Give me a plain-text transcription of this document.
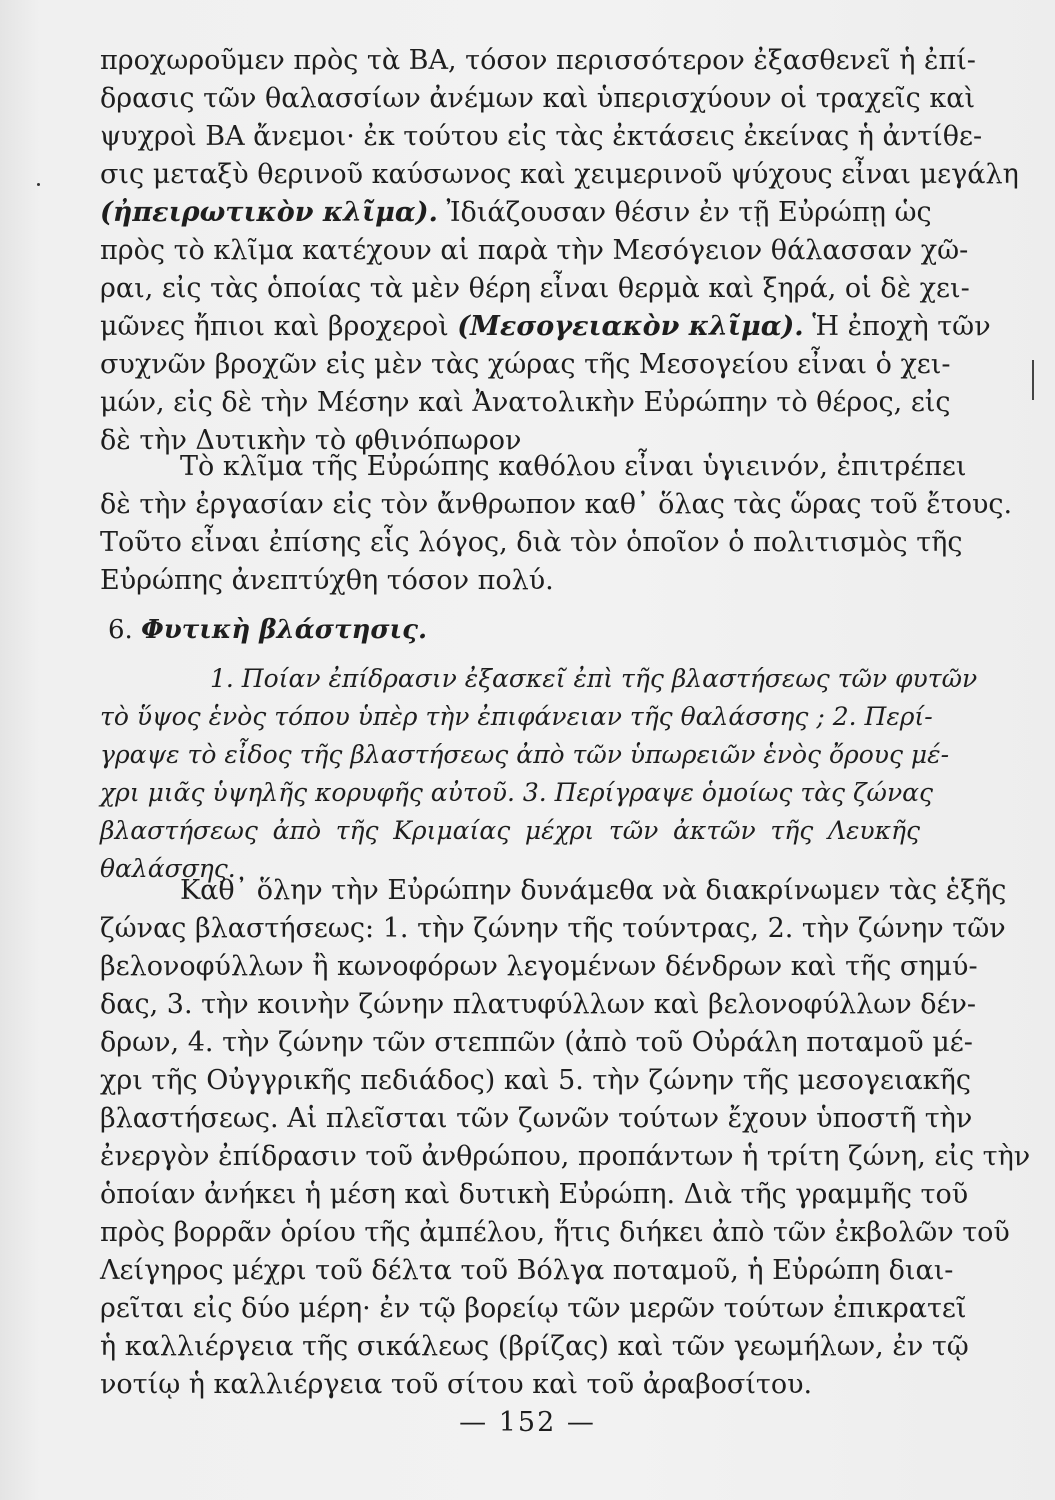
προχωροῦμεν πρὸς τὰ ΒΑ, τόσον περισσότερον ἐξασθενεῖ ἡ ἐπί-
δρασις τῶν θαλασσίων ἀνέμων καὶ ὑπερισχύουν οἱ τραχεῖς καὶ
ψυχροὶ ΒΑ ἄνεμοι· ἐκ τούτου εἰς τὰς ἐκτάσεις ἐκείνας ἡ ἀντίθε-
σις μεταξὺ θερινοῦ καύσωνος καὶ χειμερινοῦ ψύχους εἶναι μεγάλη
(ἠπειρωτικὸν κλῖμα). Ἰδιάζουσαν θέσιν ἐν τῇ Εὐρώπῃ ὡς
πρὸς τὸ κλῖμα κατέχουν αἱ παρὰ τὴν Μεσόγειον θάλασσαν χῶ-
ραι, εἰς τὰς ὁποίας τὰ μὲν θέρη εἶναι θερμὰ καὶ ξηρά, οἱ δὲ χει-
μῶνες ἤπιοι καὶ βροχεροὶ (Μεσογειακὸν κλῖμα). Ἡ ἐποχὴ τῶν
συχνῶν βροχῶν εἰς μὲν τὰς χώρας τῆς Μεσογείου εἶναι ὁ χει-
μών, εἰς δὲ τὴν Μέσην καὶ Ἀνατολικὴν Εὐρώπην τὸ θέρος, εἰς
δὲ τὴν Δυτικὴν τὸ φθινόπωρον
Τὸ κλῖμα τῆς Εὐρώπης καθόλου εἶναι ὑγιεινόν, ἐπιτρέπει
δὲ τὴν ἐργασίαν εἰς τὸν ἄνθρωπον καθ᾽ ὅλας τὰς ὥρας τοῦ ἔτους.
Τοῦτο εἶναι ἐπίσης εἷς λόγος, διὰ τὸν ὁποῖον ὁ πολιτισμὸς τῆς
Εὐρώπης ἀνεπτύχθη τόσον πολύ.
6. Φυτικὴ βλάστησις.
1. Ποίαν ἐπίδρασιν ἐξασκεῖ ἐπὶ τῆς βλαστήσεως τῶν φυτῶν
τὸ ὕψος ἑνὸς τόπου ὑπὲρ τὴν ἐπιφάνειαν τῆς θαλάσσης ; 2. Περί-
γραψε τὸ εἶδος τῆς βλαστήσεως ἀπὸ τῶν ὑπωρειῶν ἑνὸς ὄρους μέ-
χρι μιᾶς ὑψηλῆς κορυφῆς αὐτοῦ. 3. Περίγραψε ὁμοίως τὰς ζώνας
βλαστήσεως ἀπὸ τῆς Κριμαίας μέχρι τῶν ἀκτῶν τῆς Λευκῆς
θαλάσσης.
Καθ᾽ ὅλην τὴν Εὐρώπην δυνάμεθα νὰ διακρίνωμεν τὰς ἑξῆς
ζώνας βλαστήσεως: 1. τὴν ζώνην τῆς τούντρας, 2. τὴν ζώνην τῶν
βελονοφύλλων ἢ κωνοφόρων λεγομένων δένδρων καὶ τῆς σημύ-
δας, 3. τὴν κοινὴν ζώνην πλατυφύλλων καὶ βελονοφύλλων δέν-
δρων, 4. τὴν ζώνην τῶν στεππῶν (ἀπὸ τοῦ Οὐράλη ποταμοῦ μέ-
χρι τῆς Οὐγγρικῆς πεδιάδος) καὶ 5. τὴν ζώνην τῆς μεσογειακῆς
βλαστήσεως. Αἱ πλεῖσται τῶν ζωνῶν τούτων ἔχουν ὑποστῆ τὴν
ἐνεργὸν ἐπίδρασιν τοῦ ἀνθρώπου, προπάντων ἡ τρίτη ζώνη, εἰς τὴν
ὁποίαν ἀνήκει ἡ μέση καὶ δυτικὴ Εὐρώπη. Διὰ τῆς γραμμῆς τοῦ
πρὸς βορρᾶν ὁρίου τῆς ἀμπέλου, ἥτις διήκει ἀπὸ τῶν ἐκβολῶν τοῦ
Λείγηρος μέχρι τοῦ δέλτα τοῦ Βόλγα ποταμοῦ, ἡ Εὐρώπη διαι-
ρεῖται εἰς δύο μέρη· ἐν τῷ βορείῳ τῶν μερῶν τούτων ἐπικρατεῖ
ἡ καλλιέργεια τῆς σικάλεως (βρίζας) καὶ τῶν γεωμήλων, ἐν τῷ
νοτίῳ ἡ καλλιέργεια τοῦ σίτου καὶ τοῦ ἀραβοσίτου.
— 152 —
